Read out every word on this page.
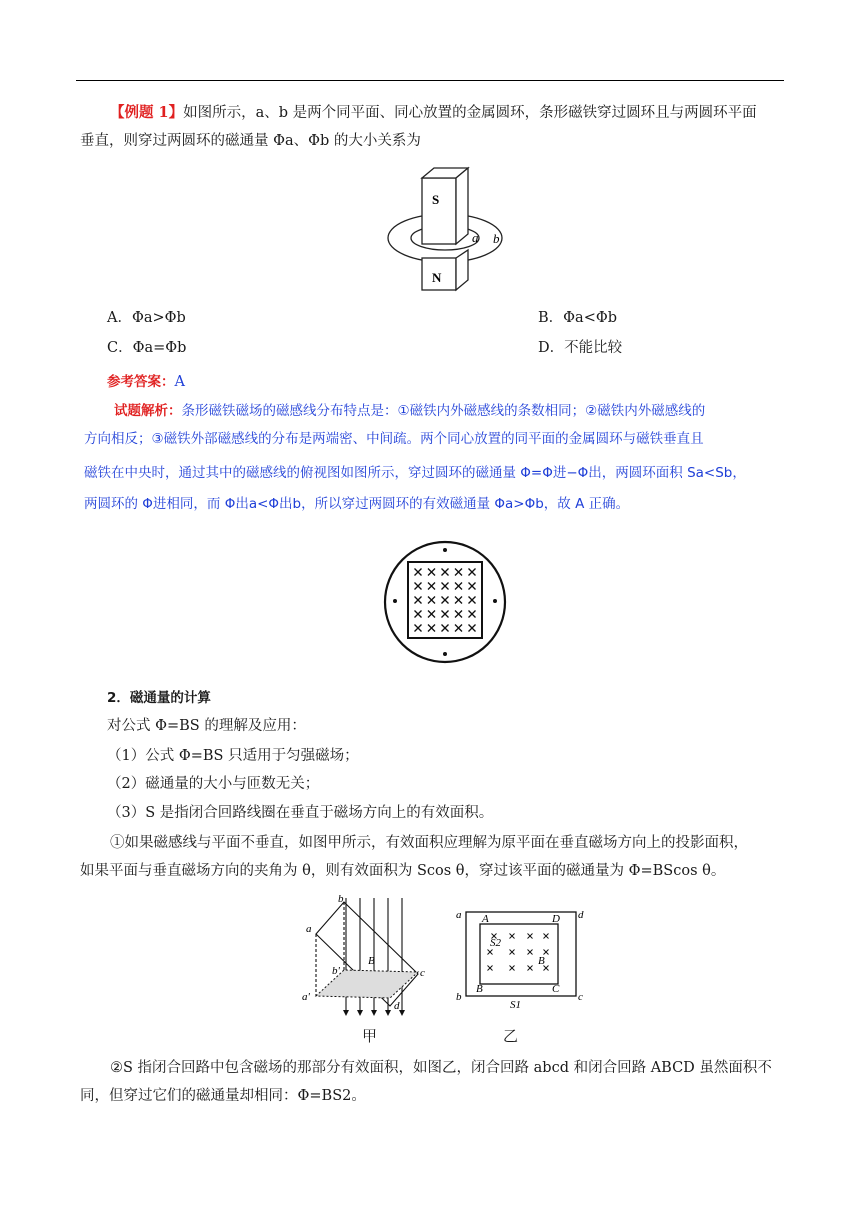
【例题 1】如图所示，a、b 是两个同平面、同心放置的金属圆环，条形磁铁穿过圆环且与两圆环平面

垂直，则穿过两圆环的磁通量 Φa、Φb 的大小关系为

S
N
a b
A．Φa>Φb	B．Φa<Φb
C．Φa=Φb	D．不能比较
参考答案：A

试题解析：条形磁铁磁场的磁感线分布特点是：①磁铁内外磁感线的条数相同；②磁铁内外磁感线的

方向相反；③磁铁外部磁感线的分布是两端密、中间疏。两个同心放置的同平面的金属圆环与磁铁垂直且

磁铁在中央时，通过其中的磁感线的俯视图如图所示，穿过圆环的磁通量 Φ=Φ进−Φ出，两圆环面积 Sa<Sb，

两圆环的 Φ进相同，而 Φ出a<Φ出b，所以穿过两圆环的有效磁通量 Φa>Φb，故 A 正确。

2．磁通量的计算

对公式 Φ=BS 的理解及应用：

（1）公式 Φ=BS 只适用于匀强磁场；

（2）磁通量的大小与匝数无关；

（3）S 是指闭合回路线圈在垂直于磁场方向上的有效面积。

①如果磁感线与平面不垂直，如图甲所示，有效面积应理解为原平面在垂直磁场方向上的投影面积，

如果平面与垂直磁场方向的夹角为 θ，则有效面积为 Scos θ，穿过该平面的磁通量为 Φ=BScos θ。

b
a
c
d
a'
b'
B
甲
a	d
b	c
A	D
B	C
S2
B
S1
乙

②S 指闭合回路中包含磁场的那部分有效面积，如图乙，闭合回路 abcd 和闭合回路 ABCD 虽然面积不

同，但穿过它们的磁通量却相同：Φ=BS2。
